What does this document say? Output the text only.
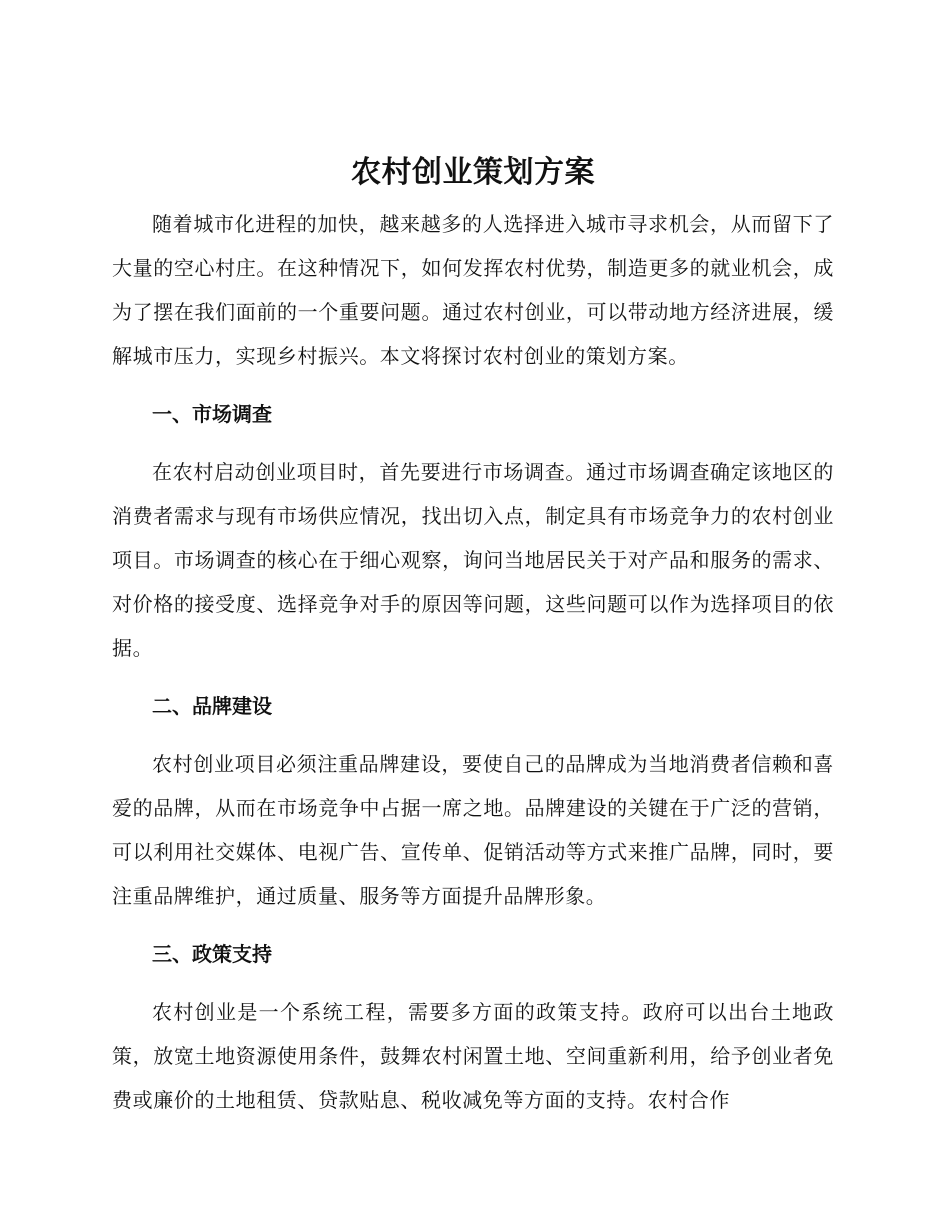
农村创业策划方案

随着城市化进程的加快，越来越多的人选择进入城市寻求机会，从而留下了大量的空心村庄。在这种情况下，如何发挥农村优势，制造更多的就业机会，成为了摆在我们面前的一个重要问题。通过农村创业，可以带动地方经济进展，缓解城市压力，实现乡村振兴。本文将探讨农村创业的策划方案。

一、市场调查

在农村启动创业项目时，首先要进行市场调查。通过市场调查确定该地区的消费者需求与现有市场供应情况，找出切入点，制定具有市场竞争力的农村创业项目。市场调查的核心在于细心观察，询问当地居民关于对产品和服务的需求、对价格的接受度、选择竞争对手的原因等问题，这些问题可以作为选择项目的依据。

二、品牌建设

农村创业项目必须注重品牌建设，要使自己的品牌成为当地消费者信赖和喜爱的品牌，从而在市场竞争中占据一席之地。品牌建设的关键在于广泛的营销，可以利用社交媒体、电视广告、宣传单、促销活动等方式来推广品牌，同时，要注重品牌维护，通过质量、服务等方面提升品牌形象。

三、政策支持

农村创业是一个系统工程，需要多方面的政策支持。政府可以出台土地政策，放宽土地资源使用条件，鼓舞农村闲置土地、空间重新利用，给予创业者免费或廉价的土地租赁、贷款贴息、税收减免等方面的支持。农村合作
